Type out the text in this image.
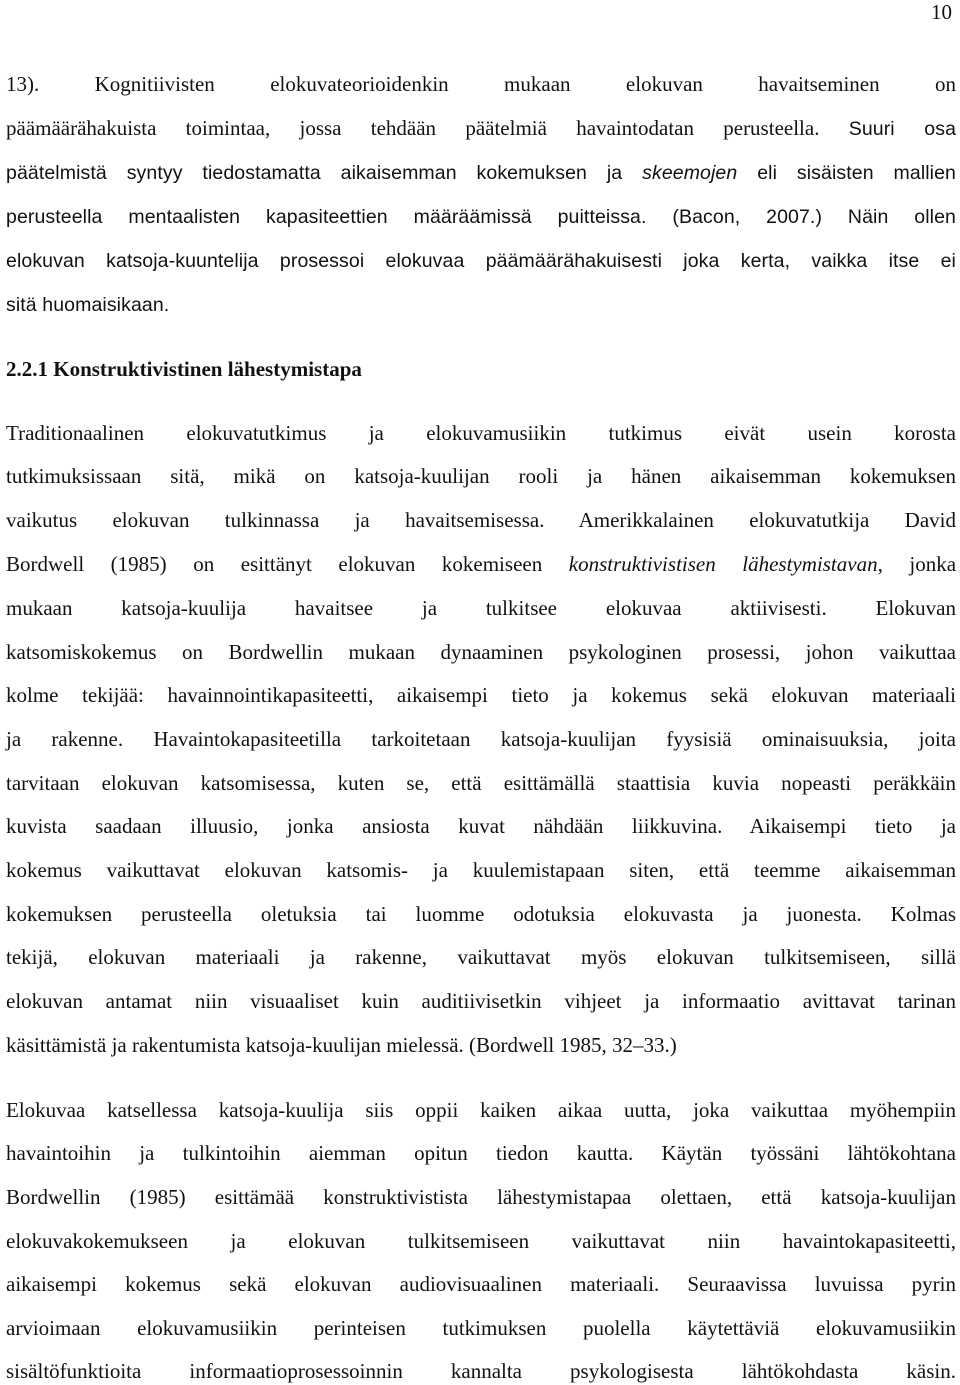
10
13). Kognitiivisten elokuvateorioidenkin mukaan elokuvan havaitseminen on
päämäärähakuista toimintaa, jossa tehdään päätelmiä havaintodatan perusteella. Suuri osa
päätelmistä syntyy tiedostamatta aikaisemman kokemuksen ja skeemojen eli sisäisten mallien
perusteella mentaalisten kapasiteettien määräämissä puitteissa. (Bacon, 2007.) Näin ollen
elokuvan katsoja-kuuntelija prosessoi elokuvaa päämäärähakuisesti joka kerta, vaikka itse ei
sitä huomaisikaan.
2.2.1 Konstruktivistinen lähestymistapa
Traditionaalinen elokuvatutkimus ja elokuvamusiikin tutkimus eivät usein korosta
tutkimuksissaan sitä, mikä on katsoja-kuulijan rooli ja hänen aikaisemman kokemuksen
vaikutus elokuvan tulkinnassa ja havaitsemisessa. Amerikkalainen elokuvatutkija David
Bordwell (1985) on esittänyt elokuvan kokemiseen konstruktivistisen lähestymistavan, jonka
mukaan katsoja-kuulija havaitsee ja tulkitsee elokuvaa aktiivisesti. Elokuvan
katsomiskokemus on Bordwellin mukaan dynaaminen psykologinen prosessi, johon vaikuttaa
kolme tekijää: havainnointikapasiteetti, aikaisempi tieto ja kokemus sekä elokuvan materiaali
ja rakenne. Havaintokapasiteetilla tarkoitetaan katsoja-kuulijan fyysisiä ominaisuuksia, joita
tarvitaan elokuvan katsomisessa, kuten se, että esittämällä staattisia kuvia nopeasti peräkkäin
kuvista saadaan illuusio, jonka ansiosta kuvat nähdään liikkuvina. Aikaisempi tieto ja
kokemus vaikuttavat elokuvan katsomis- ja kuulemistapaan siten, että teemme aikaisemman
kokemuksen perusteella oletuksia tai luomme odotuksia elokuvasta ja juonesta. Kolmas
tekijä, elokuvan materiaali ja rakenne, vaikuttavat myös elokuvan tulkitsemiseen, sillä
elokuvan antamat niin visuaaliset kuin auditiivisetkin vihjeet ja informaatio avittavat tarinan
käsittämistä ja rakentumista katsoja-kuulijan mielessä. (Bordwell 1985, 32–33.)
Elokuvaa katsellessa katsoja-kuulija siis oppii kaiken aikaa uutta, joka vaikuttaa myöhempiin
havaintoihin ja tulkintoihin aiemman opitun tiedon kautta. Käytän työssäni lähtökohtana
Bordwellin (1985) esittämää konstruktivistista lähestymistapaa olettaen, että katsoja-kuulijan
elokuvakokemukseen ja elokuvan tulkitsemiseen vaikuttavat niin havaintokapasiteetti,
aikaisempi kokemus sekä elokuvan audiovisuaalinen materiaali. Seuraavissa luvuissa pyrin
arvioimaan elokuvamusiikin perinteisen tutkimuksen puolella käytettäviä elokuvamusiikin
sisältöfunktioita informaatioprosessoinnin kannalta psykologisesta lähtökohdasta käsin.
